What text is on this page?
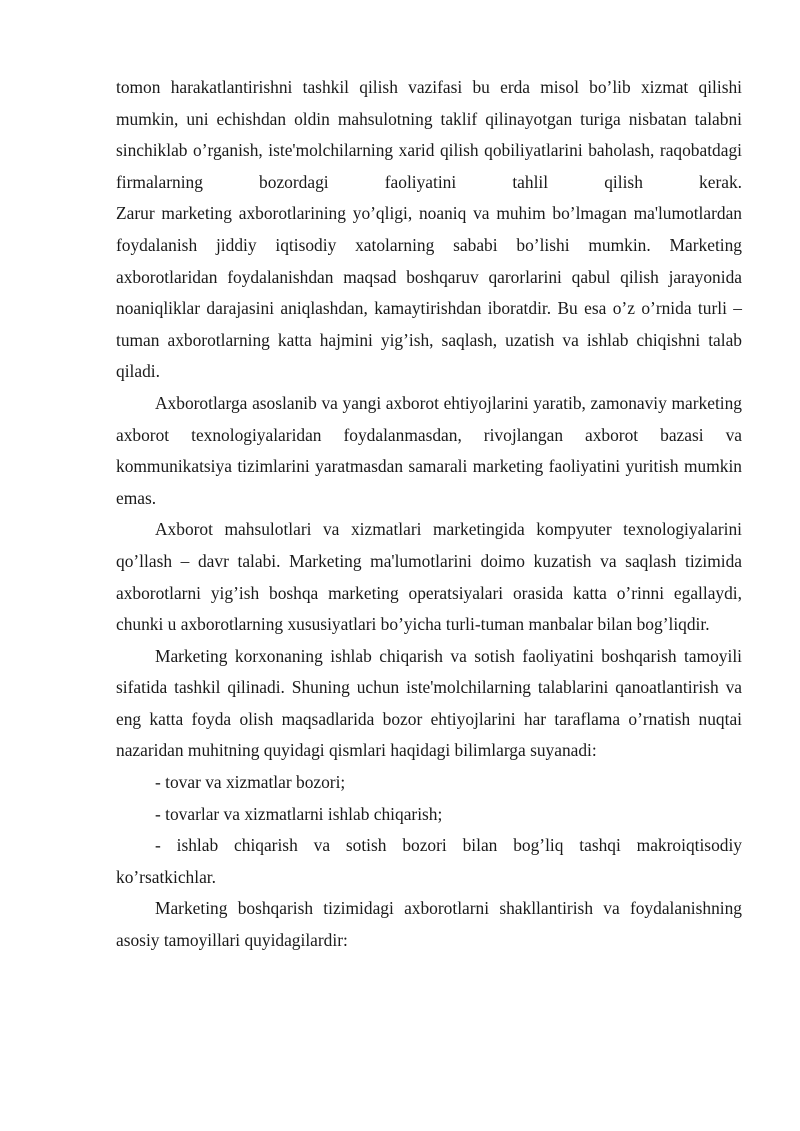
tomon harakatlantirishni tashkil qilish vazifasi bu erda misol bo’lib xizmat qilishi mumkin, uni echishdan oldin mahsulotning taklif qilinayotgan turiga nisbatan talabni sinchiklab o’rganish, iste'molchilarning xarid qilish qobiliyatlarini baholash, raqobatdagi firmalarning bozordagi faoliyatini tahlil qilish kerak.

Zarur marketing axborotlarining yo’qligi, noaniq va muhim bo’lmagan ma'lumotlardan foydalanish jiddiy iqtisodiy xatolarning sababi bo’lishi mumkin. Marketing axborotlaridan foydalanishdan maqsad boshqaruv qarorlarini qabul qilish jarayonida noaniqliklar darajasini aniqlashdan, kamaytirishdan iboratdir. Bu esa o’z o’rnida turli – tuman axborotlarning katta hajmini yig’ish, saqlash, uzatish va ishlab chiqishni talab qiladi.

Axborotlarga asoslanib va yangi axborot ehtiyojlarini yaratib, zamonaviy marketing axborot texnologiyalaridan foydalanmasdan, rivojlangan axborot bazasi va kommunikatsiya tizimlarini yaratmasdan samarali marketing faoliyatini yuritish mumkin emas.

Axborot mahsulotlari va xizmatlari marketingida kompyuter texnologiyalarini qo’llash – davr talabi. Marketing ma'lumotlarini doimo kuzatish va saqlash tizimida axborotlarni yig’ish boshqa marketing operatsiyalari orasida katta o’rinni egallaydi, chunki u axborotlarning xususiyatlari bo’yicha turli-tuman manbalar bilan bog’liqdir.

Marketing korxonaning ishlab chiqarish va sotish faoliyatini boshqarish tamoyili sifatida tashkil qilinadi. Shuning uchun iste'molchilarning talablarini qanoatlantirish va eng katta foyda olish maqsadlarida bozor ehtiyojlarini har taraflama o’rnatish nuqtai nazaridan muhitning quyidagi qismlari haqidagi bilimlarga suyanadi:

- tovar va xizmatlar bozori;

- tovarlar va xizmatlarni ishlab chiqarish;

- ishlab chiqarish va sotish bozori bilan bog’liq tashqi makroiqtisodiy ko’rsatkichlar.

Marketing boshqarish tizimidagi axborotlarni shakllantirish va foydalanishning asosiy tamoyillari quyidagilardir:
